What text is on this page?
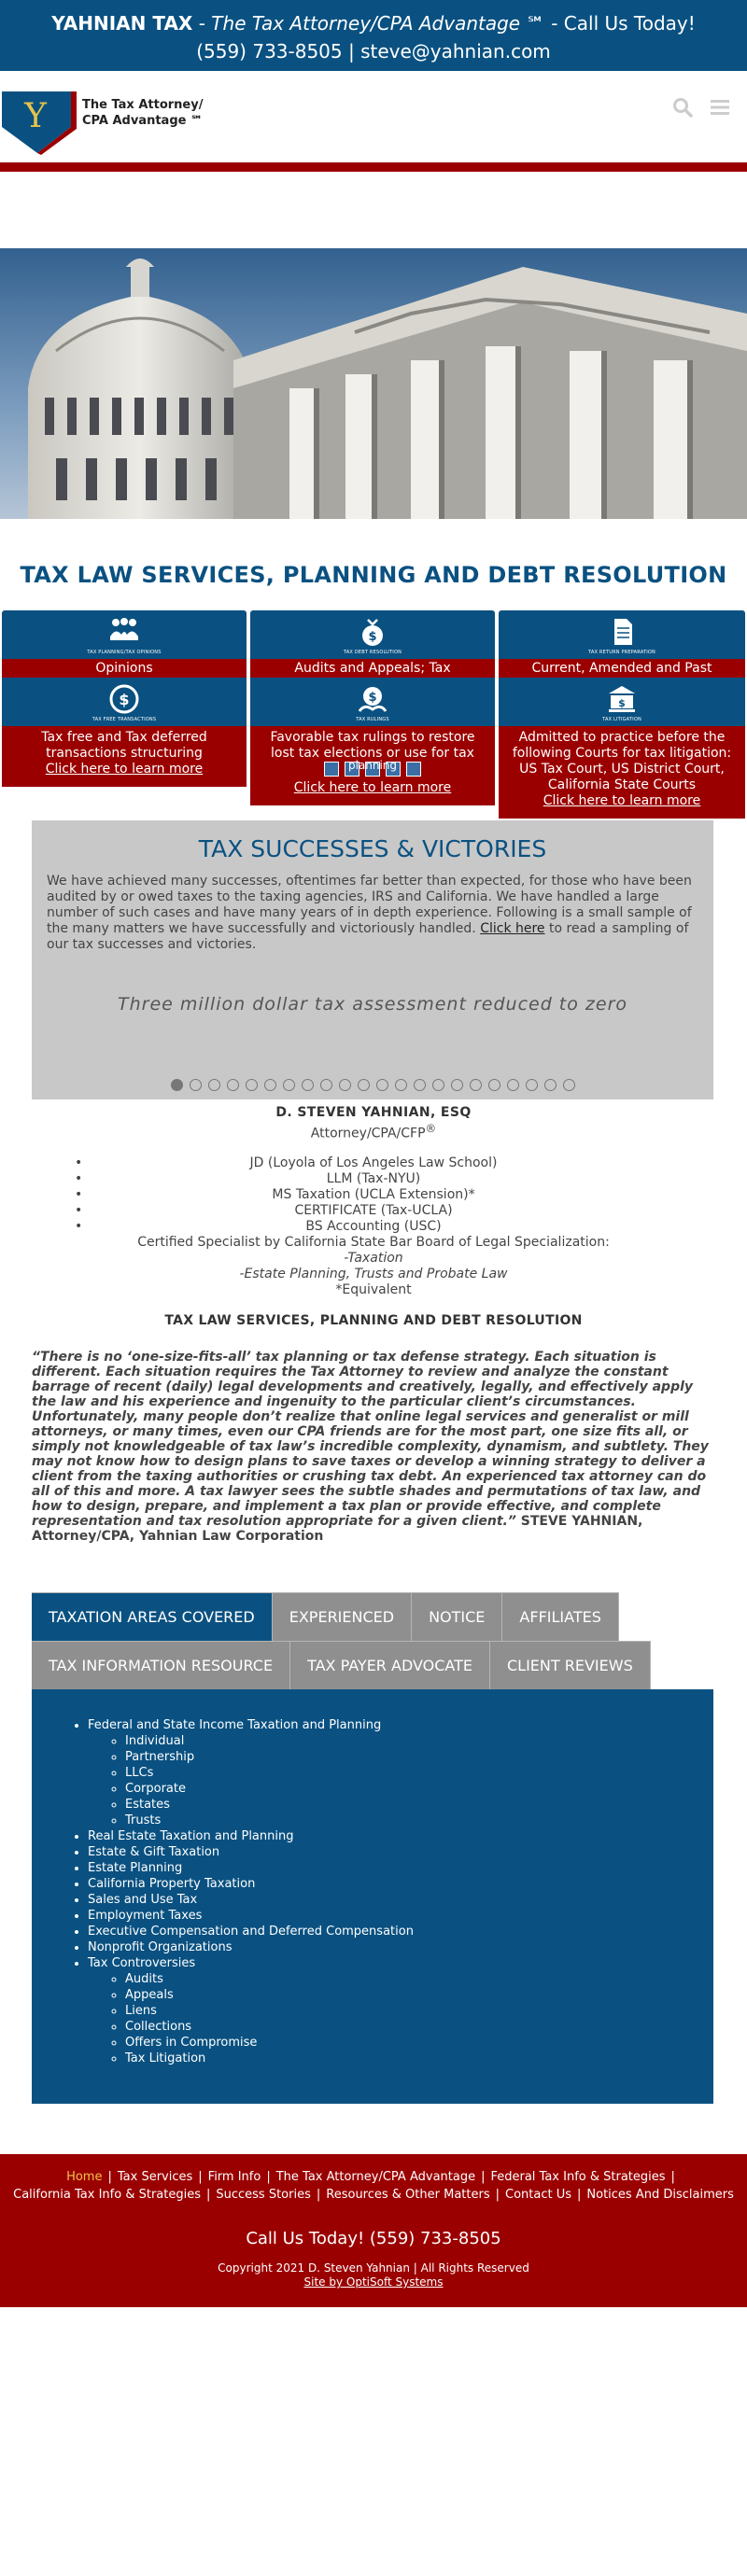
YAHNIAN TAX - The Tax Attorney/CPA Advantage ℠ - Call Us Today! (559) 733-8505 | steve@yahnian.com
Y	The Tax Attorney/
CPA Advantage ℠
TAX LAW SERVICES, PLANNING AND DEBT RESOLUTION
TAX PLANNING/TAX OPINIONS
Opinions
$
TAX FREE TRANSACTIONS
Tax free and Tax deferred transactions structuring
Click here to learn more
$
TAX DEBT RESOLUTION
Audits and Appeals; Tax
$
TAX RULINGS
Favorable tax rulings to restore lost tax elections or use for tax
planning
Click here to learn more
TAX RETURN PREPARATION
Current, Amended and Past
$
TAX LITIGATION
Admitted to practice before the following Courts for tax litigation:
US Tax Court, US District Court, California State Courts
Click here to learn more
TAX SUCCESSES & VICTORIES

We have achieved many successes, oftentimes far better than expected, for those who have been audited by or owed taxes to the taxing agencies, IRS and California. We have handled a large number of such cases and have many years of in depth experience. Following is a small sample of the many matters we have successfully and victoriously handled. Click here to read a sampling of our tax successes and victories.

Three million dollar tax assessment reduced to zero
D. STEVEN YAHNIAN, ESQ
Attorney/CPA/CFP®
• JD (Loyola of Los Angeles Law School)
• LLM (Tax-NYU)
• MS Taxation (UCLA Extension)*
• CERTIFICATE (Tax-UCLA)
• BS Accounting (USC)
Certified Specialist by California State Bar Board of Legal Specialization:
-Taxation
-Estate Planning, Trusts and Probate Law
*Equivalent
TAX LAW SERVICES, PLANNING AND DEBT RESOLUTION
“There is no ‘one-size-fits-all’ tax planning or tax defense strategy. Each situation is different. Each situation requires the Tax Attorney to review and analyze the constant barrage of recent (daily) legal developments and creatively, legally, and effectively apply the law and his experience and ingenuity to the particular client’s circumstances. Unfortunately, many people don’t realize that online legal services and generalist or mill attorneys, or many times, even our CPA friends are for the most part, one size fits all, or simply not knowledgeable of tax law’s incredible complexity, dynamism, and subtlety. They may not know how to design plans to save taxes or develop a winning strategy to deliver a client from the taxing authorities or crushing tax debt. An experienced tax attorney can do all of this and more. A tax lawyer sees the subtle shades and permutations of tax law, and how to design, prepare, and implement a tax plan or provide effective, and complete representation and tax resolution appropriate for a given client.” STEVE YAHNIAN, Attorney/CPA, Yahnian Law Corporation
TAXATION AREAS COVERED	EXPERIENCED	NOTICE	AFFILIATES
TAX INFORMATION RESOURCE	TAX PAYER ADVOCATE	CLIENT REVIEWS
• Federal and State Income Taxation and Planning
◦ Individual
◦ Partnership
◦ LLCs
◦ Corporate
◦ Estates
◦ Trusts
• Real Estate Taxation and Planning
• Estate & Gift Taxation
• Estate Planning
• California Property Taxation
• Sales and Use Tax
• Employment Taxes
• Executive Compensation and Deferred Compensation
• Nonprofit Organizations
• Tax Controversies
◦ Audits
◦ Appeals
◦ Liens
◦ Collections
◦ Offers in Compromise
◦ Tax Litigation
Home | Tax Services | Firm Info | The Tax Attorney/CPA Advantage | Federal Tax Info & Strategies |
California Tax Info & Strategies | Success Stories | Resources & Other Matters | Contact Us | Notices And Disclaimers
Call Us Today! (559) 733-8505
Copyright 2021 D. Steven Yahnian | All Rights Reserved
Site by OptiSoft Systems
